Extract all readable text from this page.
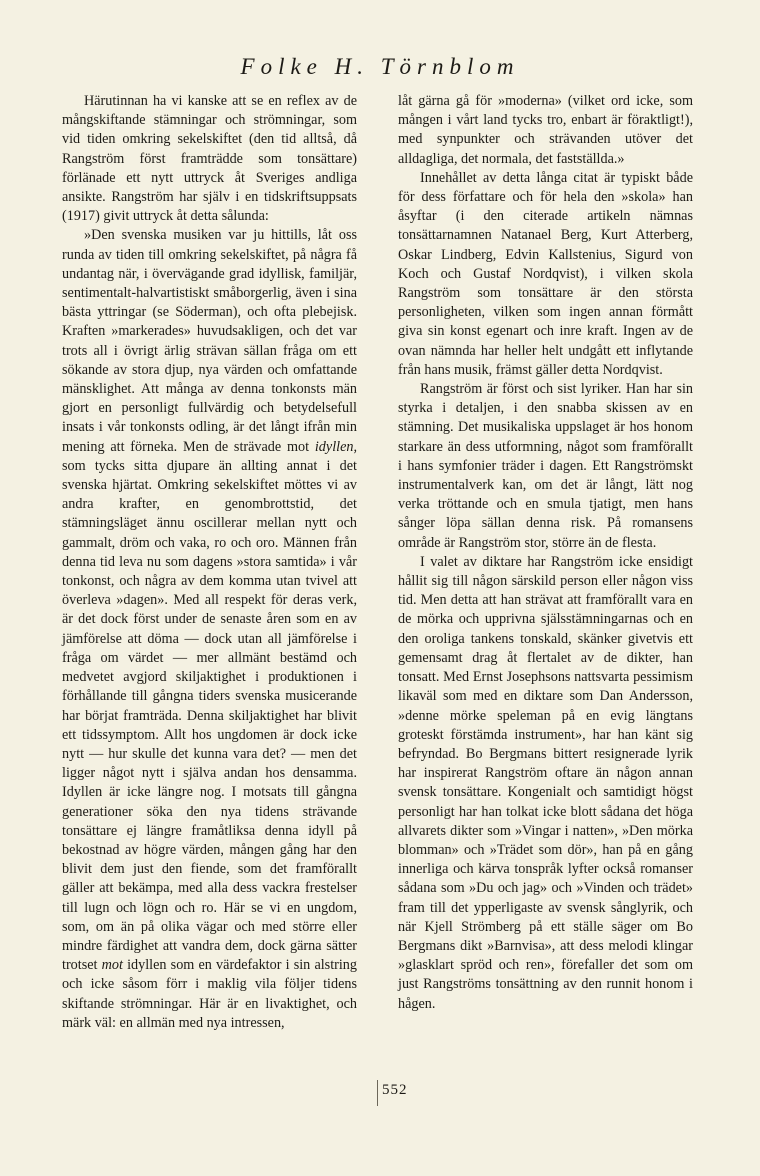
Folke H. Törnblom

Härutinnan ha vi kanske att se en reflex av de mångskiftande stämningar och strömningar, som vid tiden omkring sekelskiftet (den tid alltså, då Rangström först framträdde som tonsättare) förlänade ett nytt uttryck åt Sveriges andliga ansikte. Rangström har själv i en tidskriftsuppsats (1917) givit uttryck åt detta sålunda:

»Den svenska musiken var ju hittills, låt oss runda av tiden till omkring sekelskiftet, på några få undantag när, i övervägande grad idyllisk, familjär, sentimentalt-halvartistiskt småborgerlig, även i sina bästa yttringar (se Söderman), och ofta plebejisk. Kraften »markerades» huvudsakligen, och det var trots all i övrigt ärlig strävan sällan fråga om ett sökande av stora djup, nya värden och omfattande mänsklighet. Att många av denna tonkonsts män gjort en personligt fullvärdig och betydelsefull insats i vår tonkonsts odling, är det långt ifrån min mening att förneka. Men de strävade mot idyllen, som tycks sitta djupare än allting annat i det svenska hjärtat. Omkring sekelskiftet möttes vi av andra krafter, en genombrottstid, det stämningsläget ännu oscillerar mellan nytt och gammalt, dröm och vaka, ro och oro. Männen från denna tid leva nu som dagens »stora samtida» i vår tonkonst, och några av dem komma utan tvivel att överleva »dagen». Med all respekt för deras verk, är det dock först under de senaste åren som en av jämförelse att döma — dock utan all jämförelse i fråga om värdet — mer allmänt bestämd och medvetet avgjord skiljaktighet i produktionen i förhållande till gångna tiders svenska musicerande har börjat framträda. Denna skiljaktighet har blivit ett tidssymptom. Allt hos ungdomen är dock icke nytt — hur skulle det kunna vara det? — men det ligger något nytt i själva andan hos densamma. Idyllen är icke längre nog. I motsats till gångna generationer söka den nya tidens strävande tonsättare ej längre framåtliksa denna idyll på bekostnad av högre värden, mången gång har den blivit dem just den fiende, som det framförallt gäller att bekämpa, med alla dess vackra frestelser till lugn och lögn och ro. Här se vi en ungdom, som, om än på olika vägar och med större eller mindre färdighet att vandra dem, dock gärna sätter trotset mot idyllen som en värdefaktor i sin alstring och icke såsom förr i maklig vila följer tidens skiftande strömningar. Här är en livaktighet, och märk väl: en allmän med nya intressen,

låt gärna gå för »moderna» (vilket ord icke, som mången i vårt land tycks tro, enbart är föraktligt!), med synpunkter och strävanden utöver det alldagliga, det normala, det fastställda.»

Innehållet av detta långa citat är typiskt både för dess författare och för hela den »skola» han åsyftar (i den citerade artikeln nämnas tonsättarnamnen Natanael Berg, Kurt Atterberg, Oskar Lindberg, Edvin Kallstenius, Sigurd von Koch och Gustaf Nordqvist), i vilken skola Rangström som tonsättare är den största personligheten, vilken som ingen annan förmått giva sin konst egenart och inre kraft. Ingen av de ovan nämnda har heller helt undgått ett inflytande från hans musik, främst gäller detta Nordqvist.

Rangström är först och sist lyriker. Han har sin styrka i detaljen, i den snabba skissen av en stämning. Det musikaliska uppslaget är hos honom starkare än dess utformning, något som framförallt i hans symfonier träder i dagen. Ett Rangströmskt instrumentalverk kan, om det är långt, lätt nog verka tröttande och en smula tjatigt, men hans sånger löpa sällan denna risk. På romansens område är Rangström stor, större än de flesta.

I valet av diktare har Rangström icke ensidigt hållit sig till någon särskild person eller någon viss tid. Men detta att han strävat att framförallt vara en de mörka och upprivna själsstämningarnas och en den oroliga tankens tonskald, skänker givetvis ett gemensamt drag åt flertalet av de dikter, han tonsatt. Med Ernst Josephsons nattsvarta pessimism likaväl som med en diktare som Dan Andersson, »denne mörke speleman på en evig längtans groteskt förstämda instrument», har han känt sig befryndad. Bo Bergmans bittert resignerade lyrik har inspirerat Rangström oftare än någon annan svensk tonsättare. Kongenialt och samtidigt högst personligt har han tolkat icke blott sådana det höga allvarets dikter som »Vingar i natten», »Den mörka blomman» och »Trädet som dör», han på en gång innerliga och kärva tonspråk lyfter också romanser sådana som »Du och jag» och »Vinden och trädet» fram till det ypperligaste av svensk sånglyrik, och när Kjell Strömberg på ett ställe säger om Bo Bergmans dikt »Barnvisa», att dess melodi klingar »glasklart spröd och ren», förefaller det som om just Rangströms tonsättning av den runnit honom i hågen.

552
